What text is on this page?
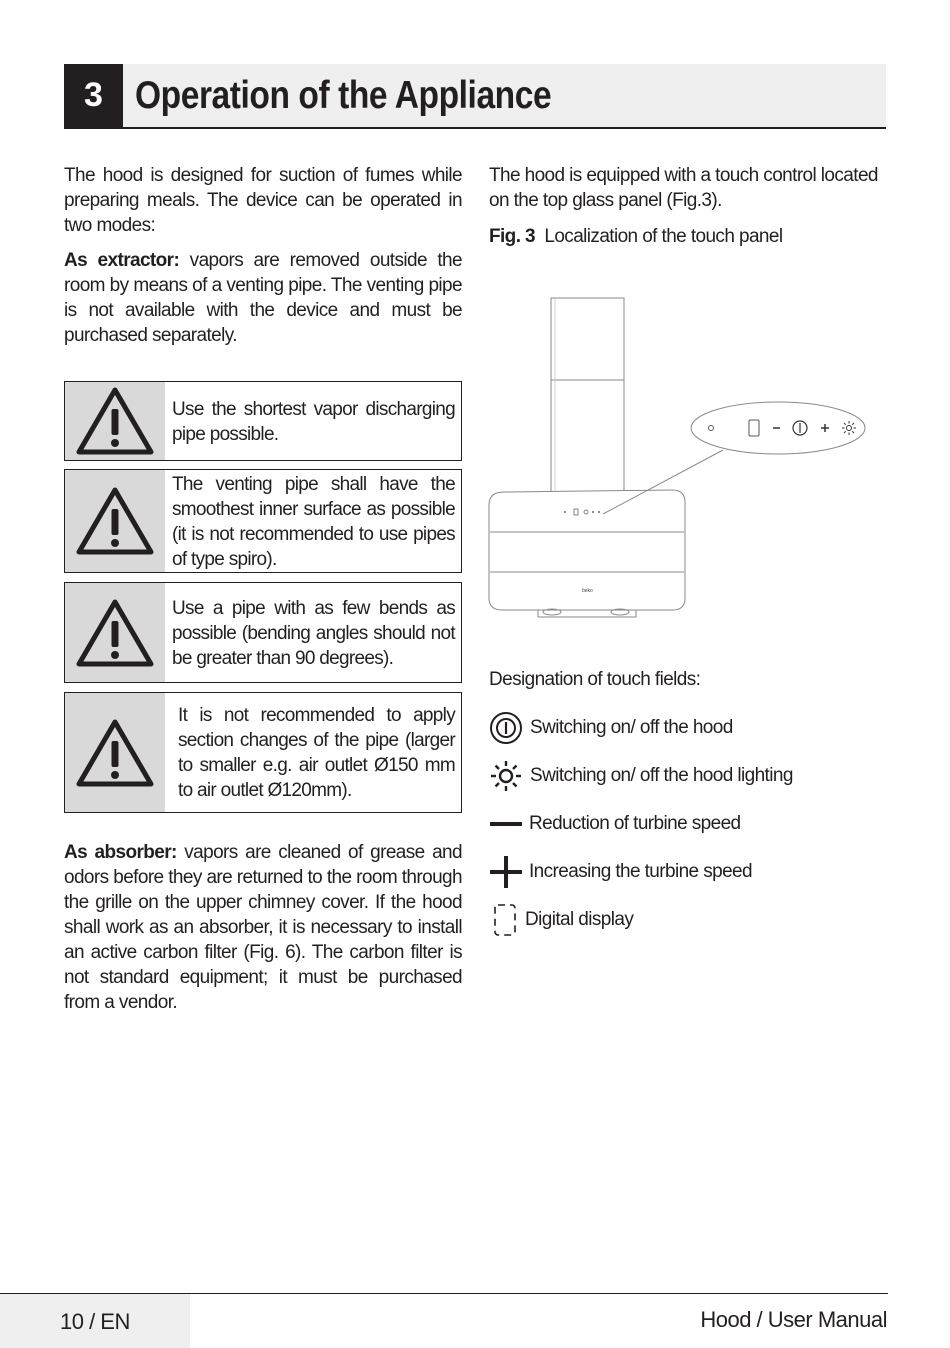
3 Operation of the Appliance

The hood is designed for suction of fumes while preparing meals. The device can be operated in two modes:

As extractor: vapors are removed outside the room by means of a venting pipe. The venting pipe is not available with the device and must be purchased separately.

Use the shortest vapor discharging pipe possible.
The venting pipe shall have the smoothest inner surface as possible (it is not recommended to use pipes of type spiro).
Use a pipe with as few bends as possible (bending angles should not be greater than 90 degrees).
It is not recommended to apply section changes of the pipe (larger to smaller e.g. air outlet Ø150 mm to air outlet Ø120mm).

As absorber: vapors are cleaned of grease and odors before they are returned to the room through the grille on the upper chimney cover. If the hood shall work as an absorber, it is necessary to install an active carbon filter (Fig. 6). The carbon filter is not standard equipment; it must be purchased from a vendor.

The hood is equipped with a touch control located on the top glass panel (Fig.3).

Fig. 3 Localization of the touch panel
beko
Designation of touch fields:
Switching on/ off the hood
Switching on/ off the hood lighting
Reduction of turbine speed
Increasing the turbine speed
Digital display
10 / EN	Hood / User Manual
